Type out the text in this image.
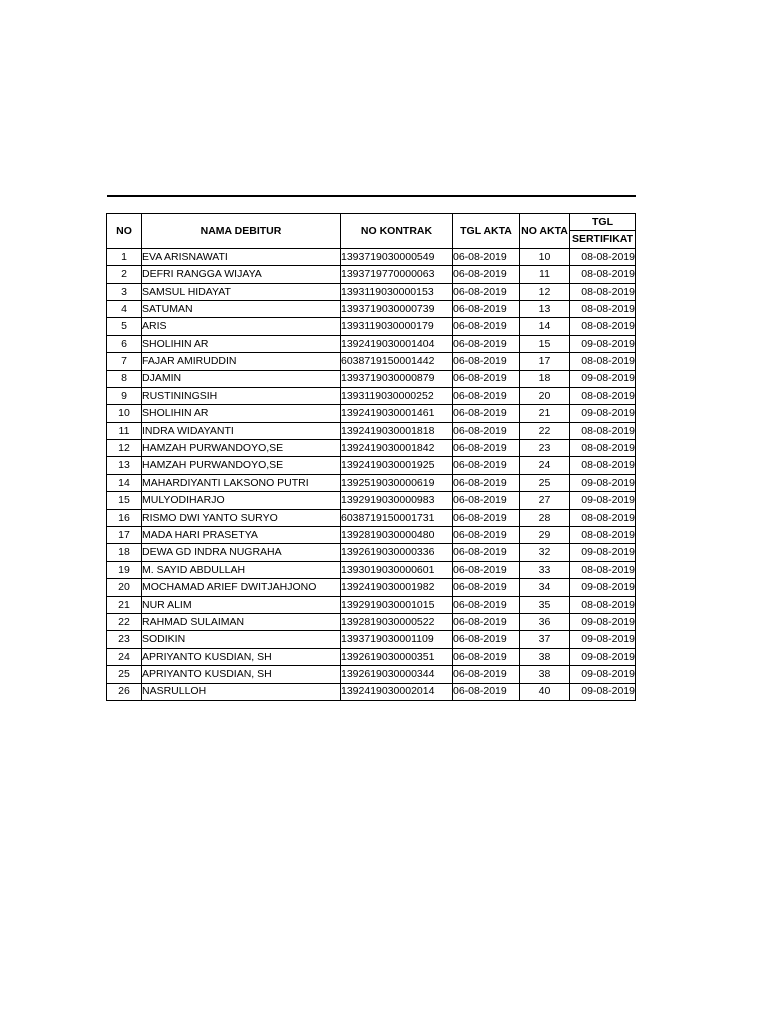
NO	NAMA DEBITUR	NO KONTRAK	TGL AKTA	NO AKTA	TGL
					SERTIFIKAT
1	EVA ARISNAWATI	1393719030000549	06-08-2019	10	08-08-2019
2	DEFRI RANGGA WIJAYA	1393719770000063	06-08-2019	11	08-08-2019
3	SAMSUL HIDAYAT	1393119030000153	06-08-2019	12	08-08-2019
4	SATUMAN	1393719030000739	06-08-2019	13	08-08-2019
5	ARIS	1393119030000179	06-08-2019	14	08-08-2019
6	SHOLIHIN AR	1392419030001404	06-08-2019	15	09-08-2019
7	FAJAR AMIRUDDIN	6038719150001442	06-08-2019	17	08-08-2019
8	DJAMIN	1393719030000879	06-08-2019	18	09-08-2019
9	RUSTININGSIH	1393119030000252	06-08-2019	20	08-08-2019
10	SHOLIHIN AR	1392419030001461	06-08-2019	21	09-08-2019
11	INDRA WIDAYANTI	1392419030001818	06-08-2019	22	08-08-2019
12	HAMZAH PURWANDOYO,SE	1392419030001842	06-08-2019	23	08-08-2019
13	HAMZAH PURWANDOYO,SE	1392419030001925	06-08-2019	24	08-08-2019
14	MAHARDIYANTI LAKSONO PUTRI	1392519030000619	06-08-2019	25	09-08-2019
15	MULYODIHARJO	1392919030000983	06-08-2019	27	09-08-2019
16	RISMO DWI YANTO SURYO	6038719150001731	06-08-2019	28	08-08-2019
17	MADA HARI PRASETYA	1392819030000480	06-08-2019	29	08-08-2019
18	DEWA GD INDRA NUGRAHA	1392619030000336	06-08-2019	32	09-08-2019
19	M. SAYID ABDULLAH	1393019030000601	06-08-2019	33	08-08-2019
20	MOCHAMAD ARIEF DWITJAHJONO	1392419030001982	06-08-2019	34	09-08-2019
21	NUR ALIM	1392919030001015	06-08-2019	35	08-08-2019
22	RAHMAD SULAIMAN	1392819030000522	06-08-2019	36	09-08-2019
23	SODIKIN	1393719030001109	06-08-2019	37	09-08-2019
24	APRIYANTO KUSDIAN, SH	1392619030000351	06-08-2019	38	09-08-2019
25	APRIYANTO KUSDIAN, SH	1392619030000344	06-08-2019	38	09-08-2019
26	NASRULLOH	1392419030002014	06-08-2019	40	09-08-2019
